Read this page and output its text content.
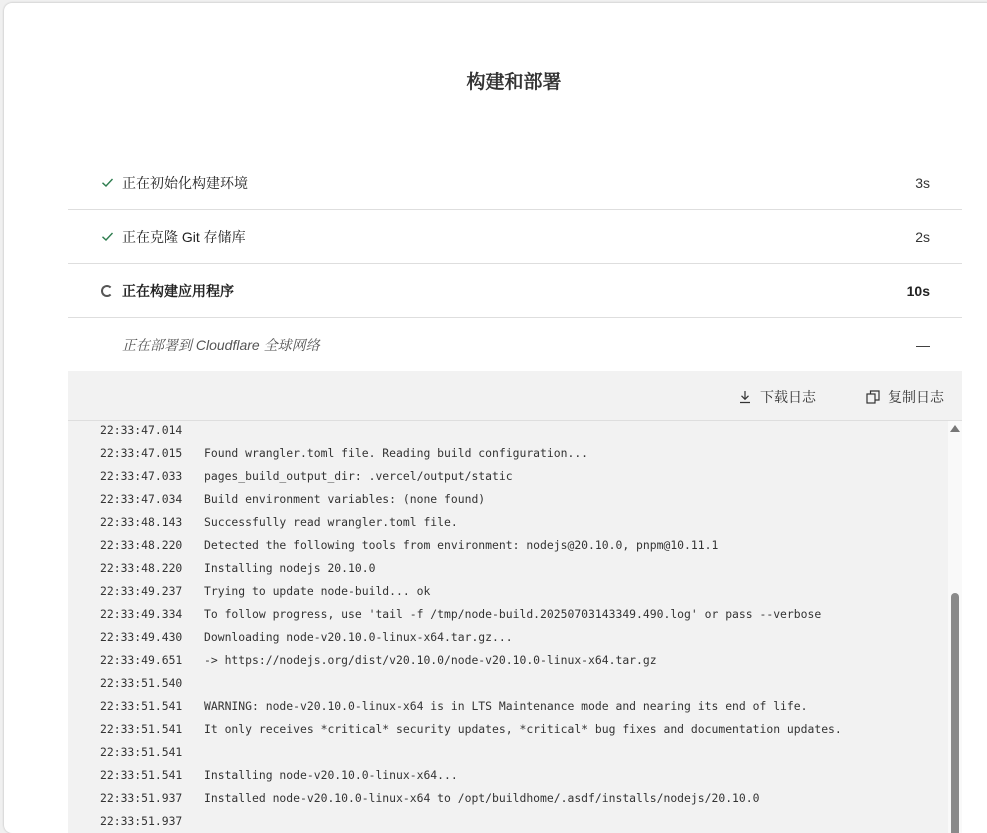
构建和部署
正在初始化构建环境	3s
正在克隆 Git 存储库	2s
正在构建应用程序	10s
正在部署到 Cloudflare 全球网络	—
下载日志	复制日志
22:33:47.014
22:33:47.015 Found wrangler.toml file. Reading build configuration...
22:33:47.033 pages_build_output_dir: .vercel/output/static
22:33:47.034 Build environment variables: (none found)
22:33:48.143 Successfully read wrangler.toml file.
22:33:48.220 Detected the following tools from environment: nodejs@20.10.0, pnpm@10.11.1
22:33:48.220 Installing nodejs 20.10.0
22:33:49.237 Trying to update node-build... ok
22:33:49.334 To follow progress, use 'tail -f /tmp/node-build.20250703143349.490.log' or pass --verbose
22:33:49.430 Downloading node-v20.10.0-linux-x64.tar.gz...
22:33:49.651 -> https://nodejs.org/dist/v20.10.0/node-v20.10.0-linux-x64.tar.gz
22:33:51.540
22:33:51.541 WARNING: node-v20.10.0-linux-x64 is in LTS Maintenance mode and nearing its end of life.
22:33:51.541 It only receives *critical* security updates, *critical* bug fixes and documentation updates.
22:33:51.541
22:33:51.541 Installing node-v20.10.0-linux-x64...
22:33:51.937 Installed node-v20.10.0-linux-x64 to /opt/buildhome/.asdf/installs/nodejs/20.10.0
22:33:51.937
